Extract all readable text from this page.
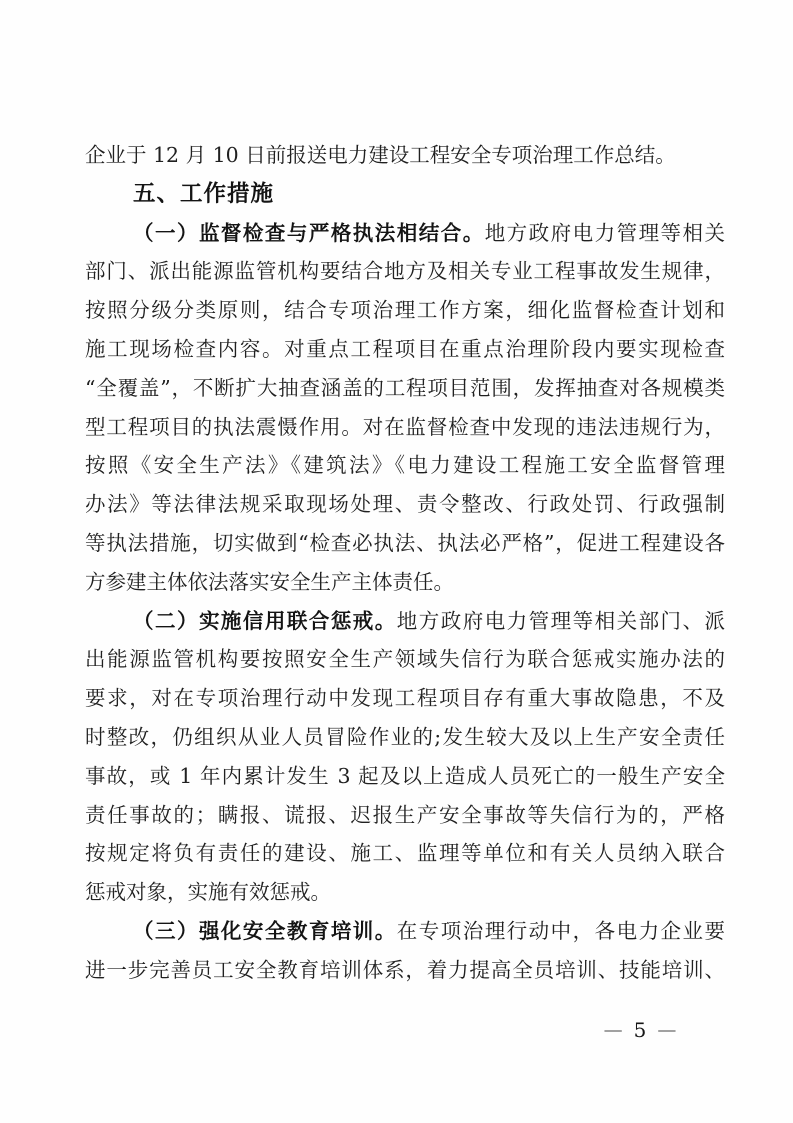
企业于 12 月 10 日前报送电力建设工程安全专项治理工作总结。
五、工作措施
（一）监督检查与严格执法相结合。地方政府电力管理等相关
部门、派出能源监管机构要结合地方及相关专业工程事故发生规律，
按照分级分类原则，结合专项治理工作方案，细化监督检查计划和
施工现场检查内容。对重点工程项目在重点治理阶段内要实现检查
“全覆盖”，不断扩大抽查涵盖的工程项目范围，发挥抽查对各规模类
型工程项目的执法震慑作用。对在监督检查中发现的违法违规行为，
按照《安全生产法》《建筑法》《电力建设工程施工安全监督管理
办法》等法律法规采取现场处理、责令整改、行政处罚、行政强制
等执法措施，切实做到“检查必执法、执法必严格”，促进工程建设各
方参建主体依法落实安全生产主体责任。
（二）实施信用联合惩戒。地方政府电力管理等相关部门、派
出能源监管机构要按照安全生产领域失信行为联合惩戒实施办法的
要求，对在专项治理行动中发现工程项目存有重大事故隐患，不及
时整改，仍组织从业人员冒险作业的;发生较大及以上生产安全责任
事故，或 1 年内累计发生 3 起及以上造成人员死亡的一般生产安全
责任事故的；瞒报、谎报、迟报生产安全事故等失信行为的，严格
按规定将负有责任的建设、施工、监理等单位和有关人员纳入联合
惩戒对象，实施有效惩戒。
（三）强化安全教育培训。在专项治理行动中，各电力企业要
进一步完善员工安全教育培训体系，着力提高全员培训、技能培训、
— 5 —
